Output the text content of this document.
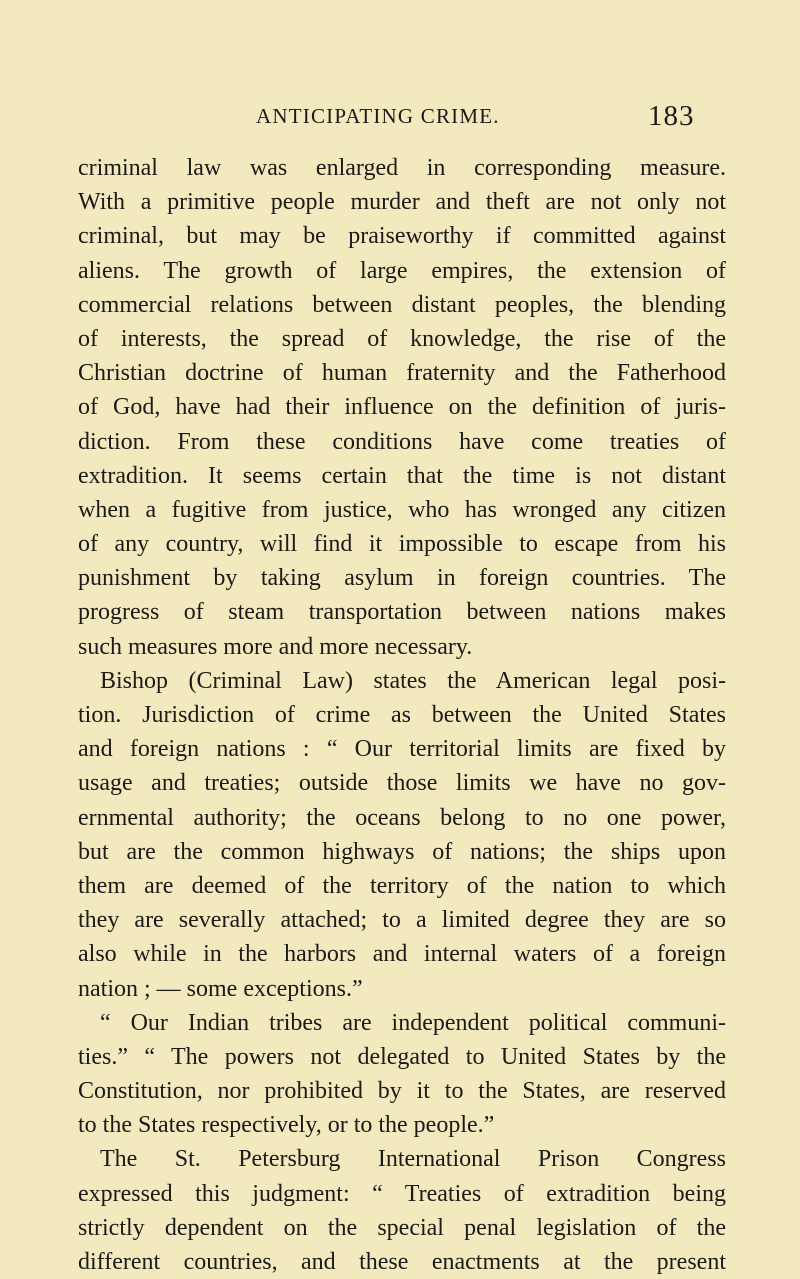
ANTICIPATING CRIME.	183
criminal law was enlarged in corresponding measure.
With a primitive people murder and theft are not only not
criminal, but may be praiseworthy if committed against
aliens. The growth of large empires, the extension of
commercial relations between distant peoples, the blending
of interests, the spread of knowledge, the rise of the
Christian doctrine of human fraternity and the Fatherhood
of God, have had their influence on the definition of juris-
diction. From these conditions have come treaties of
extradition. It seems certain that the time is not distant
when a fugitive from justice, who has wronged any citizen
of any country, will find it impossible to escape from his
punishment by taking asylum in foreign countries. The
progress of steam transportation between nations makes
such measures more and more necessary.
Bishop (Criminal Law) states the American legal posi-
tion. Jurisdiction of crime as between the United States
and foreign nations : “ Our territorial limits are fixed by
usage and treaties; outside those limits we have no gov-
ernmental authority; the oceans belong to no one power,
but are the common highways of nations; the ships upon
them are deemed of the territory of the nation to which
they are severally attached; to a limited degree they are so
also while in the harbors and internal waters of a foreign
nation ; — some exceptions.”
“ Our Indian tribes are independent political communi-
ties.” “ The powers not delegated to United States by the
Constitution, nor prohibited by it to the States, are reserved
to the States respectively, or to the people.”
The St. Petersburg International Prison Congress
expressed this judgment: “ Treaties of extradition being
strictly dependent on the special penal legislation of the
different countries, and these enactments at the present
